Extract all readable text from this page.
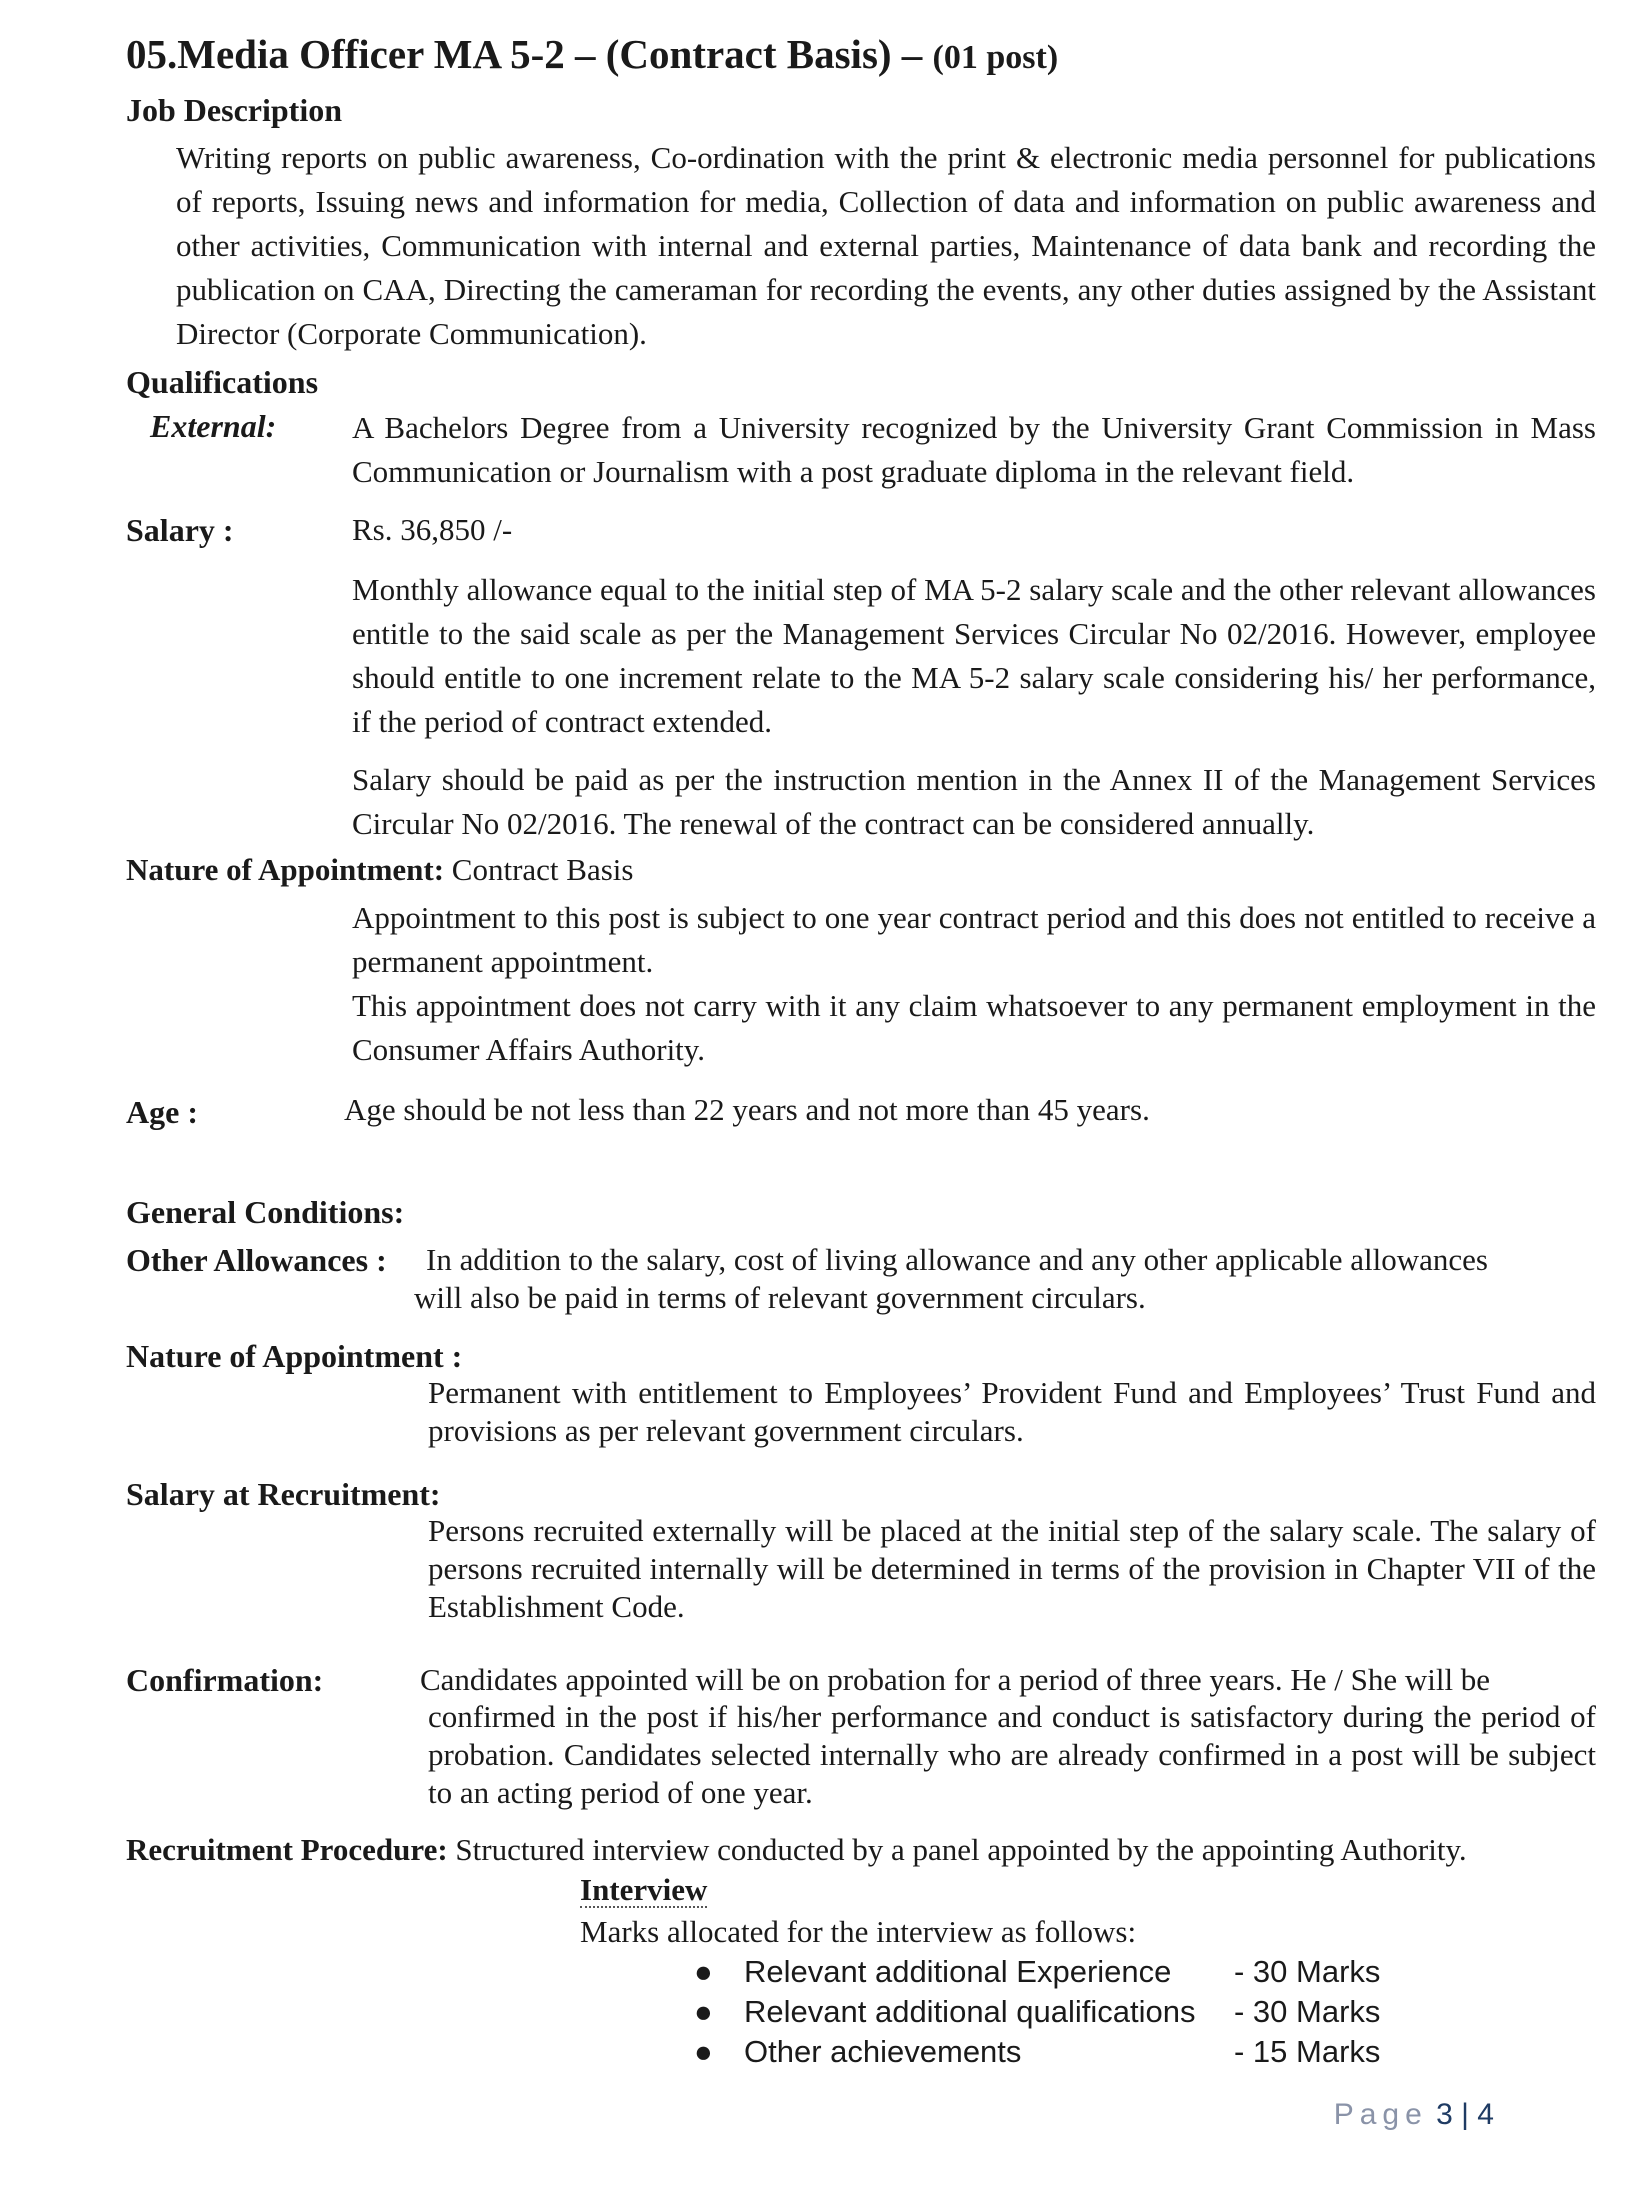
05.Media Officer MA 5-2 – (Contract Basis) – (01 post)
Job Description
Writing reports on public awareness, Co-ordination with the print & electronic media personnel for publications of reports, Issuing news and information for media, Collection of data and information on public awareness and other activities, Communication with internal and external parties, Maintenance of data bank and recording the publication on CAA, Directing the cameraman for recording the events, any other duties assigned by the Assistant Director (Corporate Communication).
Qualifications
External: A Bachelors Degree from a University recognized by the University Grant Commission in Mass Communication or Journalism with a post graduate diploma in the relevant field.
Salary :	Rs. 36,850 /-
Monthly allowance equal to the initial step of MA 5-2 salary scale and the other relevant allowances entitle to the said scale as per the Management Services Circular No 02/2016. However, employee should entitle to one increment relate to the MA 5-2 salary scale considering his/ her performance, if the period of contract extended.
Salary should be paid as per the instruction mention in the Annex II of the Management Services Circular No 02/2016. The renewal of the contract can be considered annually.
Nature of Appointment: Contract Basis
Appointment to this post is subject to one year contract period and this does not entitled to receive a permanent appointment.
This appointment does not carry with it any claim whatsoever to any permanent employment in the Consumer Affairs Authority.
Age :	Age should be not less than 22 years and not more than 45 years.
General Conditions:
Other Allowances : In addition to the salary, cost of living allowance and any other applicable allowances
will also be paid in terms of relevant government circulars.
Nature of Appointment :
Permanent with entitlement to Employees’ Provident Fund and Employees’ Trust Fund and provisions as per relevant government circulars.
Salary at Recruitment:
Persons recruited externally will be placed at the initial step of the salary scale. The salary of persons recruited internally will be determined in terms of the provision in Chapter VII of the Establishment Code.
Confirmation:	Candidates appointed will be on probation for a period of three years. He / She will be
confirmed in the post if his/her performance and conduct is satisfactory during the period of probation. Candidates selected internally who are already confirmed in a post will be subject to an acting period of one year.
Recruitment Procedure: Structured interview conducted by a panel appointed by the appointing Authority.
Interview
Marks allocated for the interview as follows:
● Relevant additional Experience - 30 Marks
● Relevant additional qualifications - 30 Marks
● Other achievements	- 15 Marks
Page 3 | 4
